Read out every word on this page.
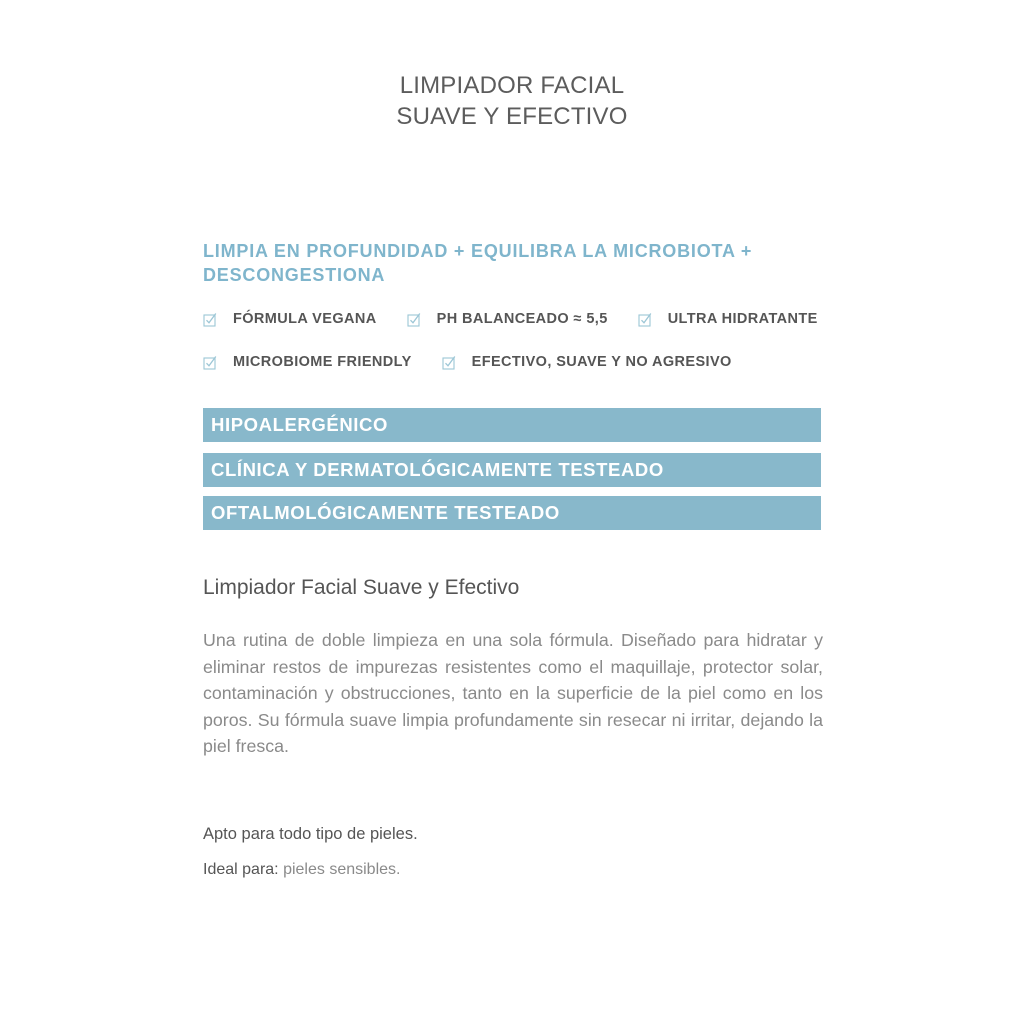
LIMPIADOR FACIAL
SUAVE Y EFECTIVO
LIMPIA EN PROFUNDIDAD + EQUILIBRA LA MICROBIOTA + DESCONGESTIONA
FÓRMULA VEGANA	PH BALANCEADO ≈ 5,5	ULTRA HIDRATANTE
MICROBIOME FRIENDLY	EFECTIVO, SUAVE Y NO AGRESIVO
HIPOALERGÉNICO
CLÍNICA Y DERMATOLÓGICAMENTE TESTEADO
OFTALMOLÓGICAMENTE TESTEADO
Limpiador Facial Suave y Efectivo

Una rutina de doble limpieza en una sola fórmula. Diseñado para hidratar y eliminar restos de impurezas resistentes como el maquillaje, protector solar, contaminación y obstrucciones, tanto en la superficie de la piel como en los poros. Su fórmula suave limpia profundamente sin resecar ni irritar, dejando la piel fresca.

Apto para todo tipo de pieles.
Ideal para: pieles sensibles.
